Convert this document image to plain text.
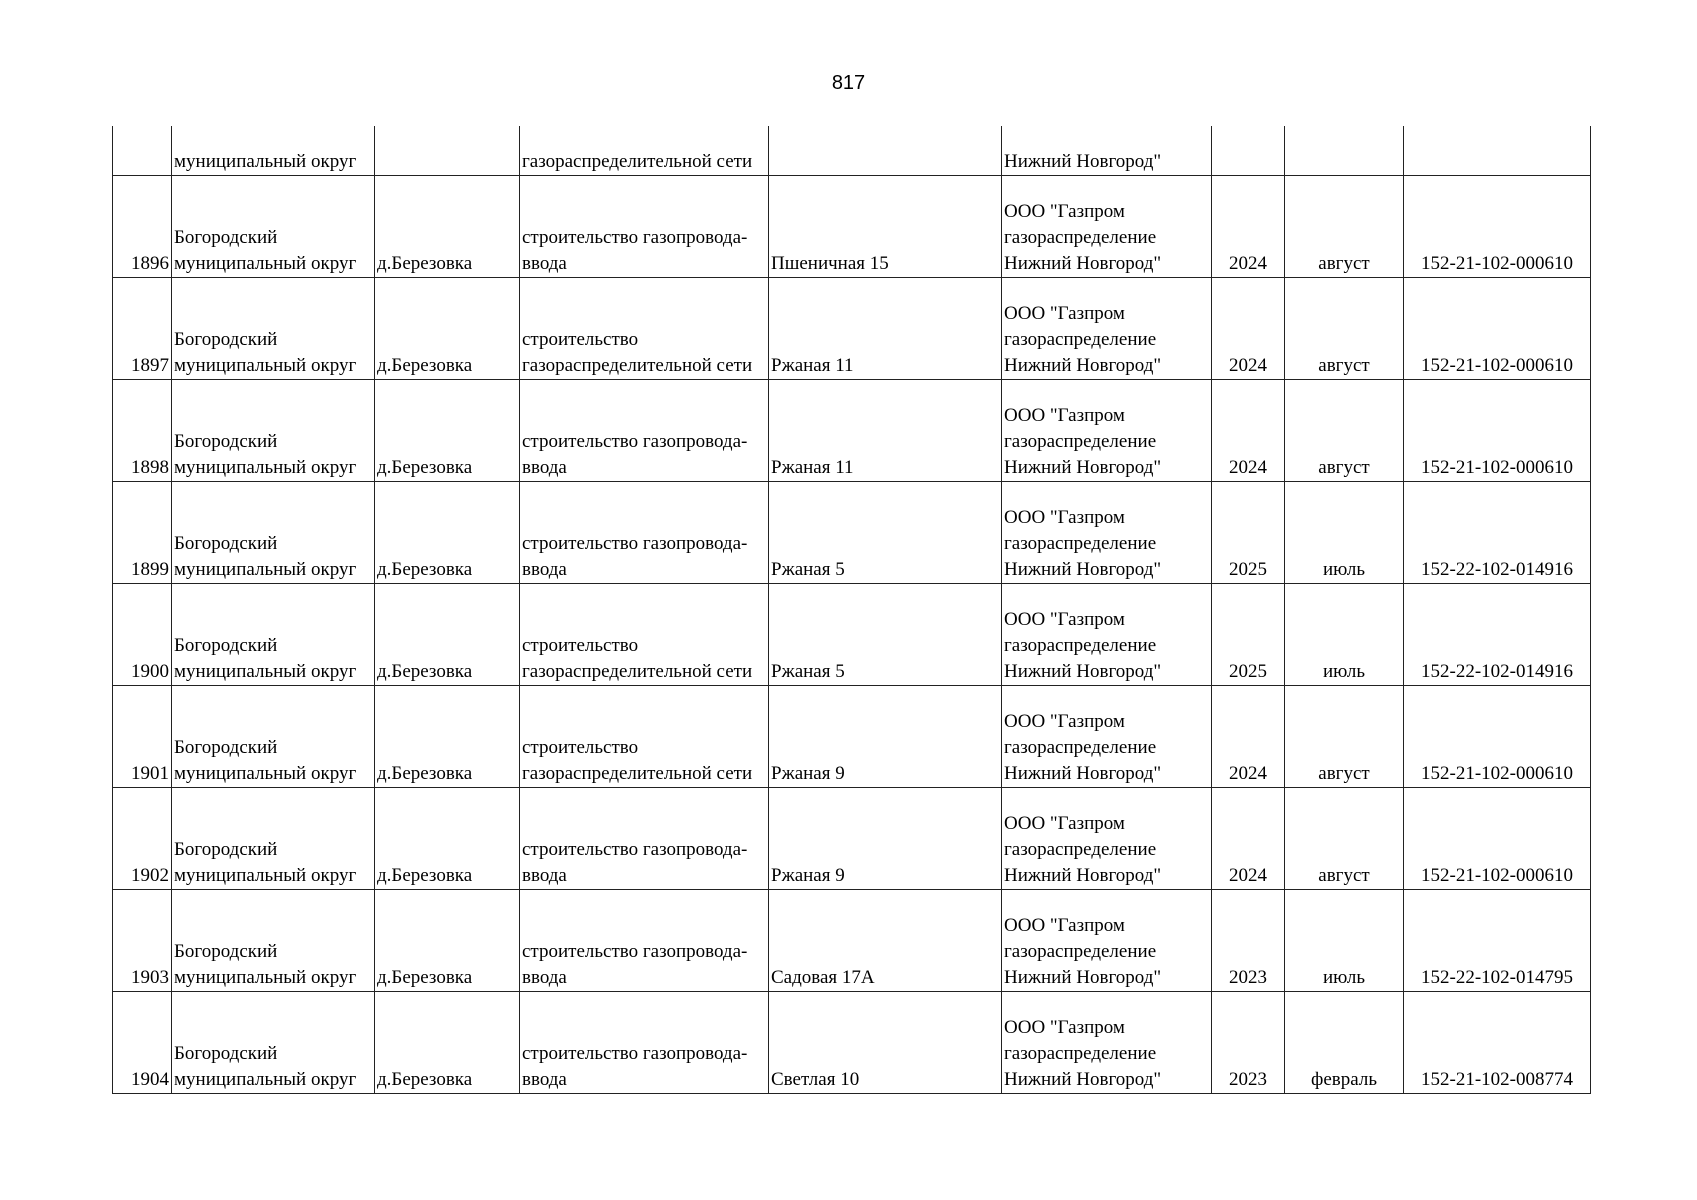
817
	муниципальный округ		газораспределительной сети		Нижний Новгород"			
1896	Богородский
муниципальный округ	д.Березовка	строительство газопровода-
ввода	Пшеничная 15	ООО "Газпром
газораспределение
Нижний Новгород"	2024	август	152-21-102-000610
1897	Богородский
муниципальный округ	д.Березовка	строительство
газораспределительной сети	Ржаная 11	ООО "Газпром
газораспределение
Нижний Новгород"	2024	август	152-21-102-000610
1898	Богородский
муниципальный округ	д.Березовка	строительство газопровода-
ввода	Ржаная 11	ООО "Газпром
газораспределение
Нижний Новгород"	2024	август	152-21-102-000610
1899	Богородский
муниципальный округ	д.Березовка	строительство газопровода-
ввода	Ржаная 5	ООО "Газпром
газораспределение
Нижний Новгород"	2025	июль	152-22-102-014916
1900	Богородский
муниципальный округ	д.Березовка	строительство
газораспределительной сети	Ржаная 5	ООО "Газпром
газораспределение
Нижний Новгород"	2025	июль	152-22-102-014916
1901	Богородский
муниципальный округ	д.Березовка	строительство
газораспределительной сети	Ржаная 9	ООО "Газпром
газораспределение
Нижний Новгород"	2024	август	152-21-102-000610
1902	Богородский
муниципальный округ	д.Березовка	строительство газопровода-
ввода	Ржаная 9	ООО "Газпром
газораспределение
Нижний Новгород"	2024	август	152-21-102-000610
1903	Богородский
муниципальный округ	д.Березовка	строительство газопровода-
ввода	Садовая 17А	ООО "Газпром
газораспределение
Нижний Новгород"	2023	июль	152-22-102-014795
1904	Богородский
муниципальный округ	д.Березовка	строительство газопровода-
ввода	Светлая 10	ООО "Газпром
газораспределение
Нижний Новгород"	2023	февраль	152-21-102-008774
